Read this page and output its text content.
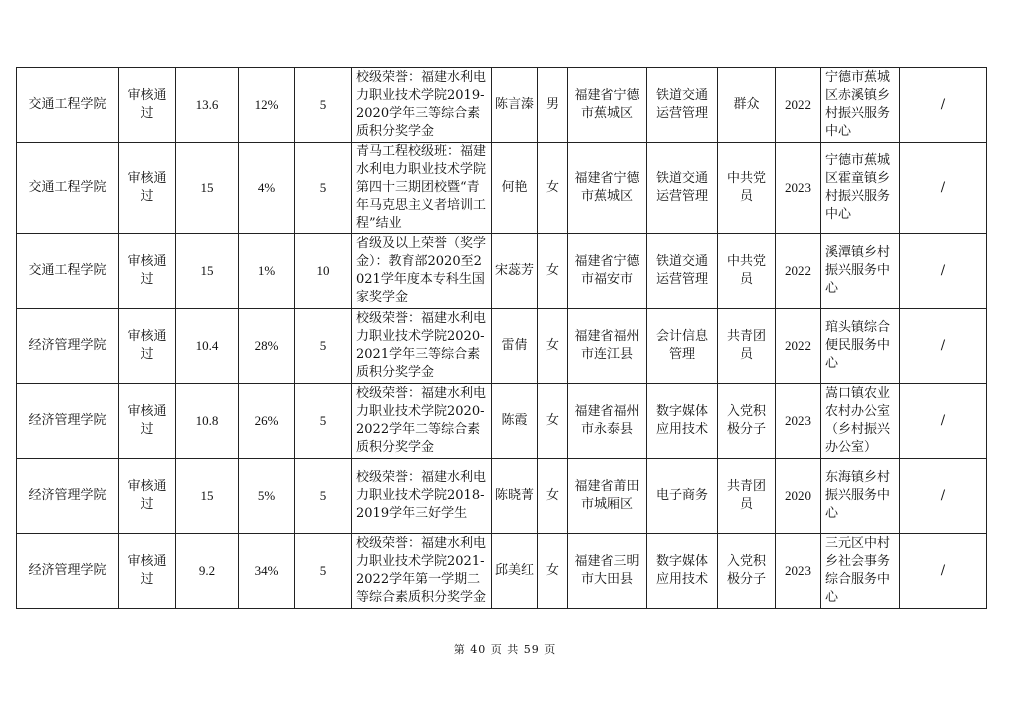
交通工程学院	审核通过	13.6	12%	5	校级荣誉：福建水利电力职业技术学院2019-2020学年三等综合素质积分奖学金	陈言溱	男	福建省宁德市蕉城区	铁道交通运营管理	群众	2022	宁德市蕉城区赤溪镇乡村振兴服务中心	/
交通工程学院	审核通过	15	4%	5	青马工程校级班：福建水利电力职业技术学院第四十三期团校暨“青年马克思主义者培训工程”结业	何艳	女	福建省宁德市蕉城区	铁道交通运营管理	中共党员	2023	宁德市蕉城区霍童镇乡村振兴服务中心	/
交通工程学院	审核通过	15	1%	10	省级及以上荣誉（奖学金）：教育部2020至2021学年度本专科生国家奖学金	宋蕊芳	女	福建省宁德市福安市	铁道交通运营管理	中共党员	2022	溪潭镇乡村振兴服务中心	/
经济管理学院	审核通过	10.4	28%	5	校级荣誉：福建水利电力职业技术学院2020-2021学年三等综合素质积分奖学金	雷倩	女	福建省福州市连江县	会计信息管理	共青团员	2022	琯头镇综合便民服务中心	/
经济管理学院	审核通过	10.8	26%	5	校级荣誉：福建水利电力职业技术学院2020-2022学年二等综合素质积分奖学金	陈霞	女	福建省福州市永泰县	数字媒体应用技术	入党积极分子	2023	嵩口镇农业农村办公室（乡村振兴办公室）	/
经济管理学院	审核通过	15	5%	5	校级荣誉：福建水利电力职业技术学院2018-2019学年三好学生	陈晓菁	女	福建省莆田市城厢区	电子商务	共青团员	2020	东海镇乡村振兴服务中心	/
经济管理学院	审核通过	9.2	34%	5	校级荣誉：福建水利电力职业技术学院2021-2022学年第一学期二等综合素质积分奖学金	邱美红	女	福建省三明市大田县	数字媒体应用技术	入党积极分子	2023	三元区中村乡社会事务综合服务中心	/
第 40 页 共 59 页
